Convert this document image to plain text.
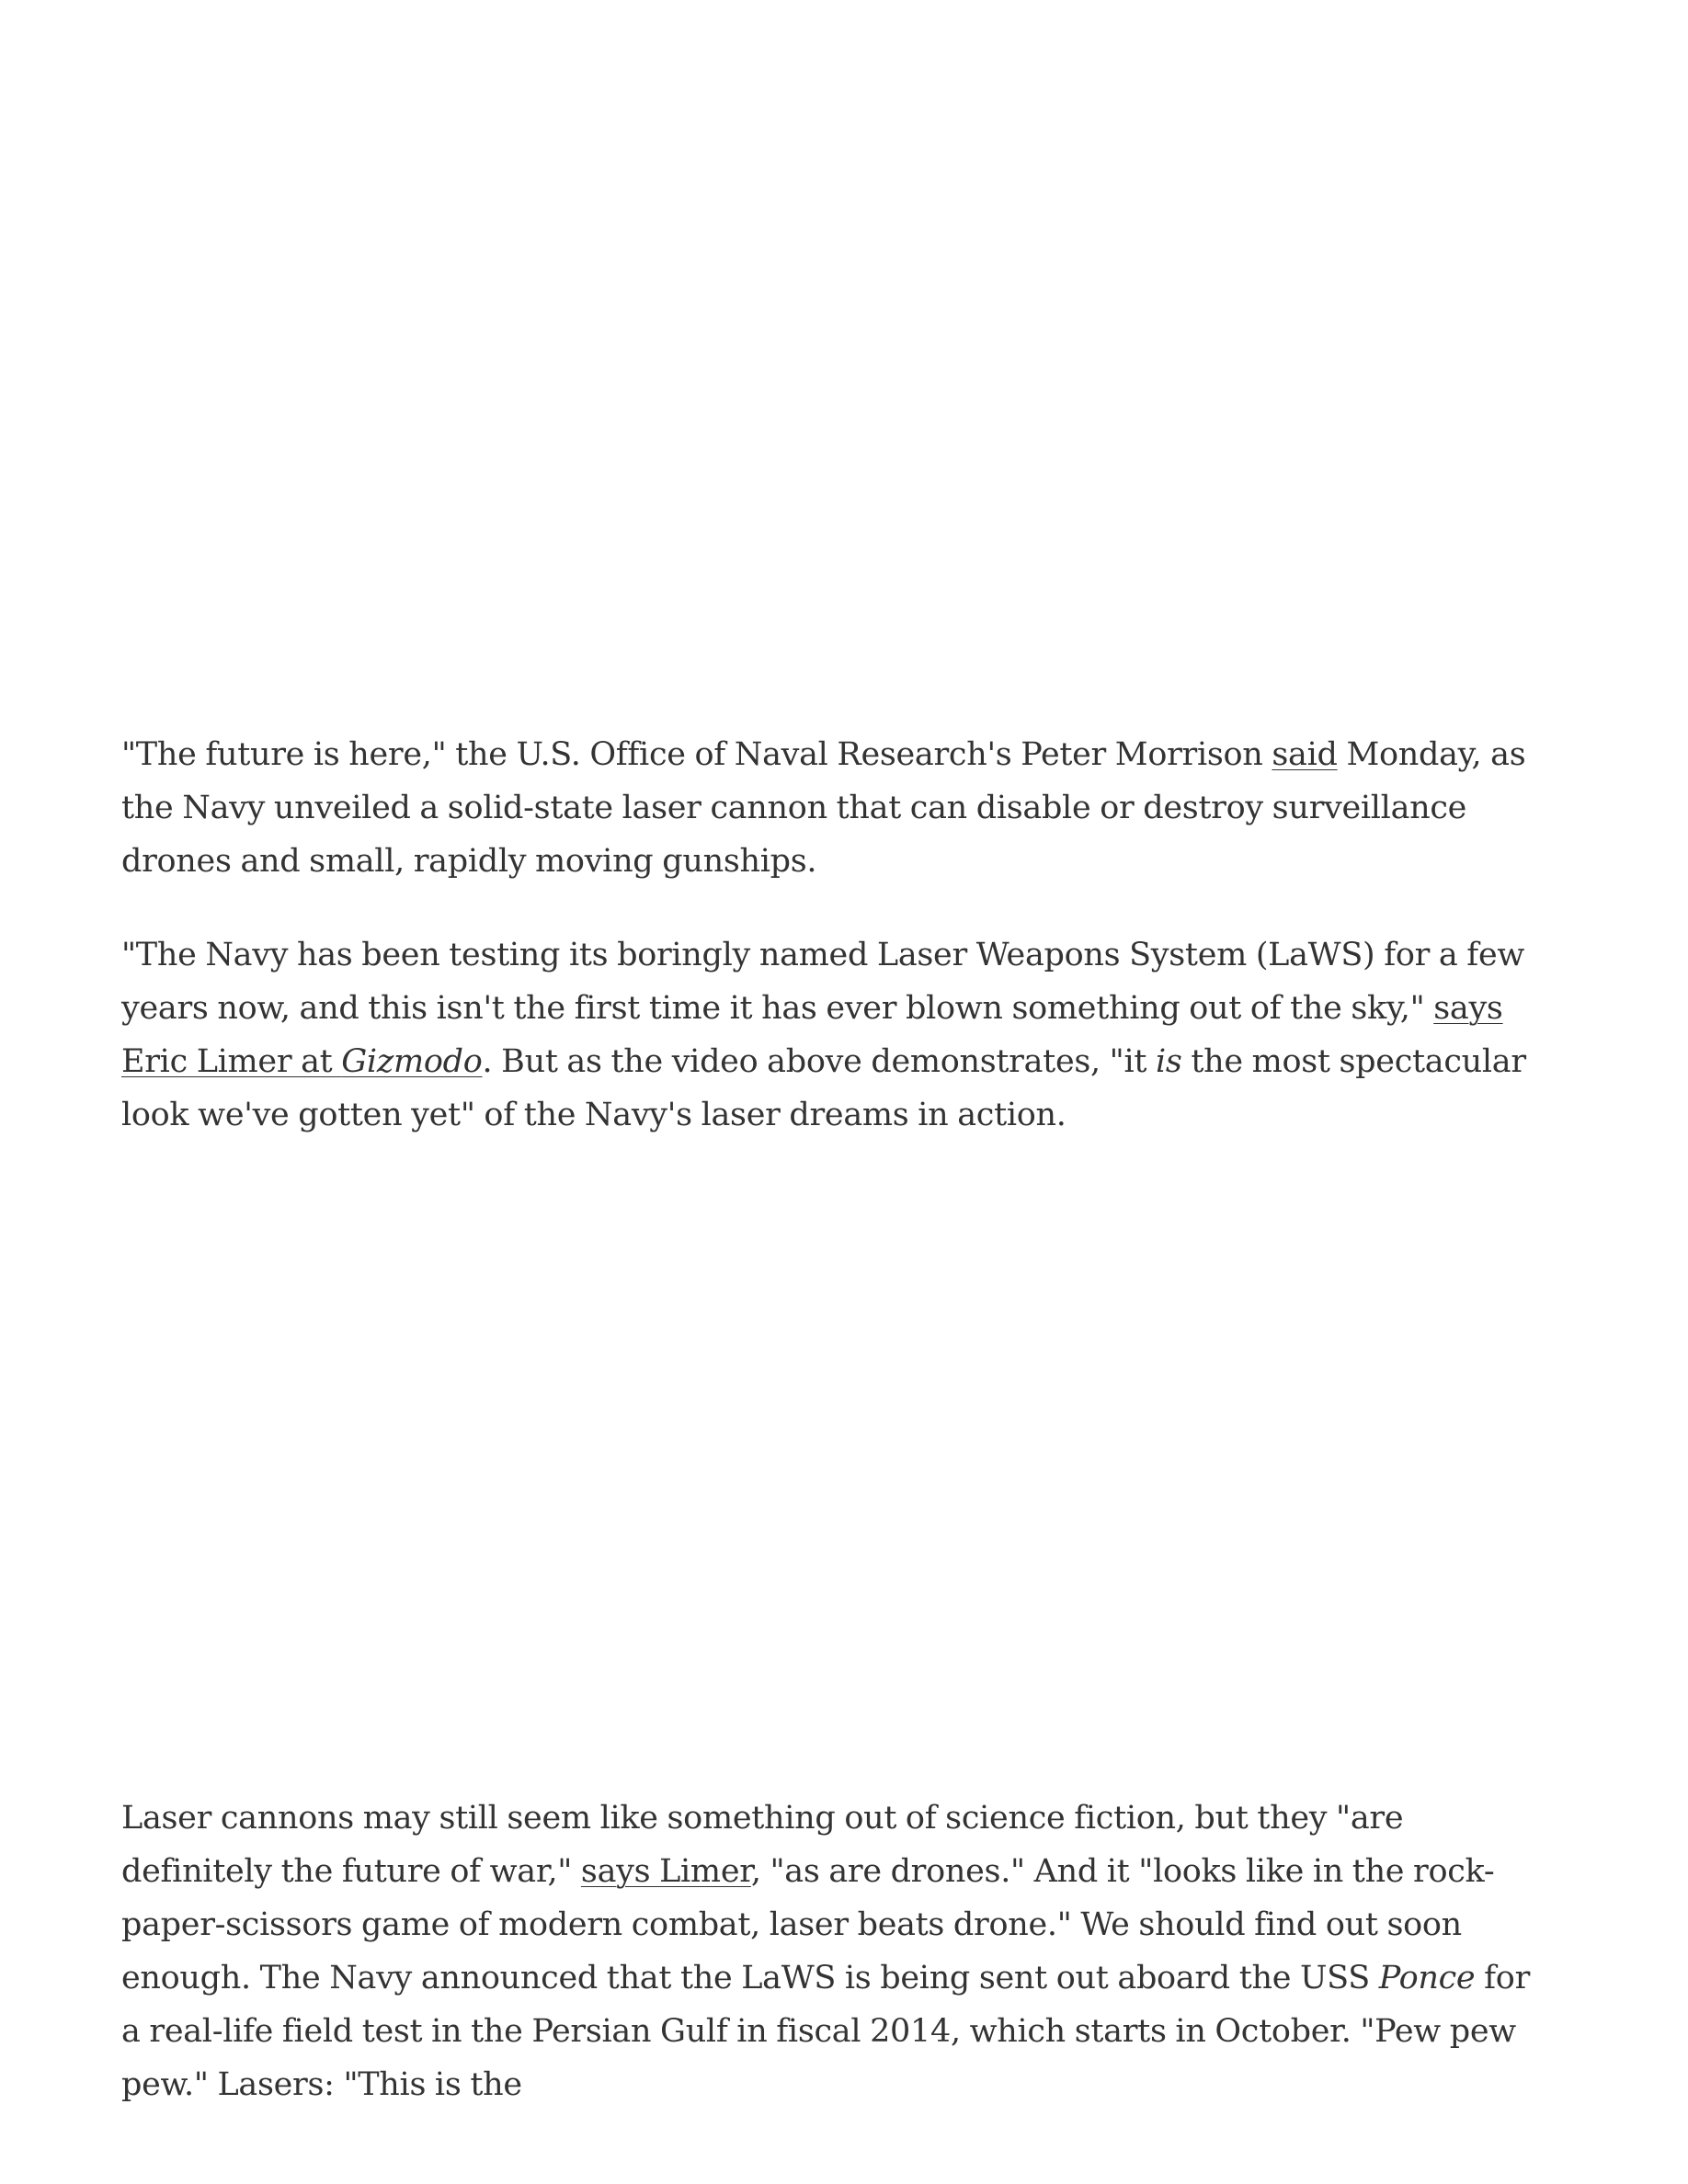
"The future is here," the U.S. Office of Naval Research's Peter Morrison said Monday, as the Navy unveiled a solid-state laser cannon that can disable or destroy surveillance drones and small, rapidly moving gunships.

"The Navy has been testing its boringly named Laser Weapons System (LaWS) for a few years now, and this isn't the first time it has ever blown something out of the sky," says Eric Limer at Gizmodo. But as the video above demonstrates, "it is the most spectacular look we've gotten yet" of the Navy's laser dreams in action.

Laser cannons may still seem like something out of science fiction, but they "are definitely the future of war," says Limer, "as are drones." And it "looks like in the rock-paper-scissors game of modern combat, laser beats drone." We should find out soon enough. The Navy announced that the LaWS is being sent out aboard the USS Ponce for a real-life field test in the Persian Gulf in fiscal 2014, which starts in October. "Pew pew pew." Lasers: "This is the
